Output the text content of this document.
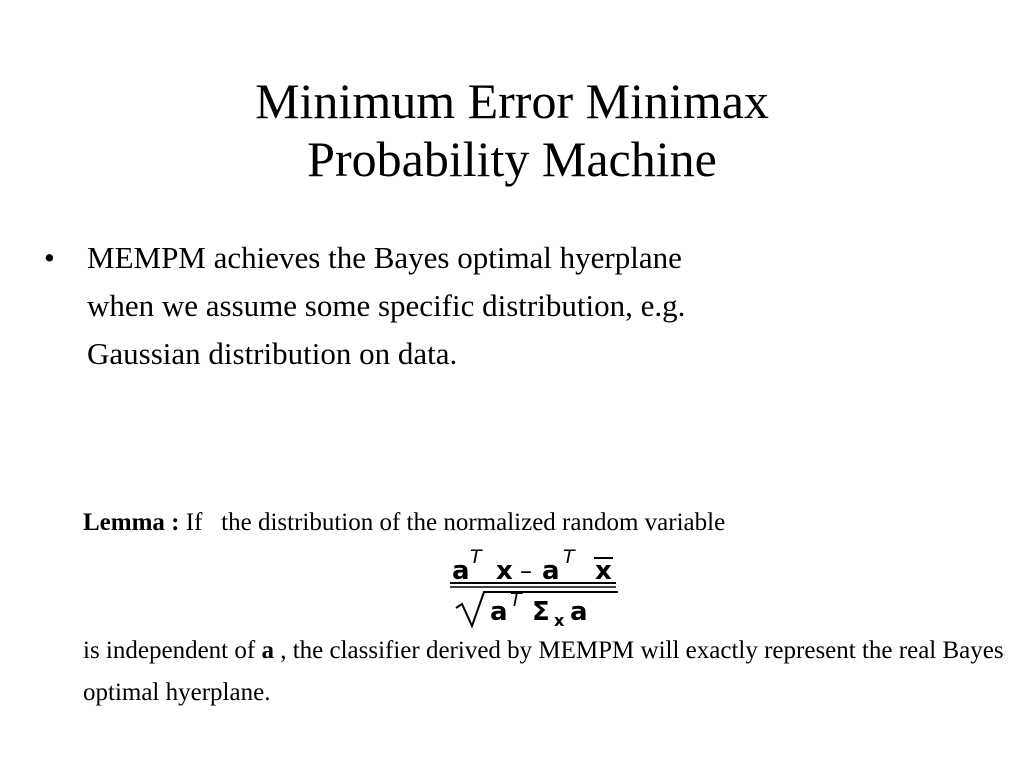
Minimum Error Minimax
Probability Machine
• MEMPM achieves the Bayes optimal hyerplane
when we assume some specific distribution, e.g.
Gaussian distribution on data.
Lemma : If   the distribution of the normalized random variable
a T x – a T x
a T Σ x a
is independent of a , the classifier derived by MEMPM will exactly represent the real Bayes optimal hyerplane.
